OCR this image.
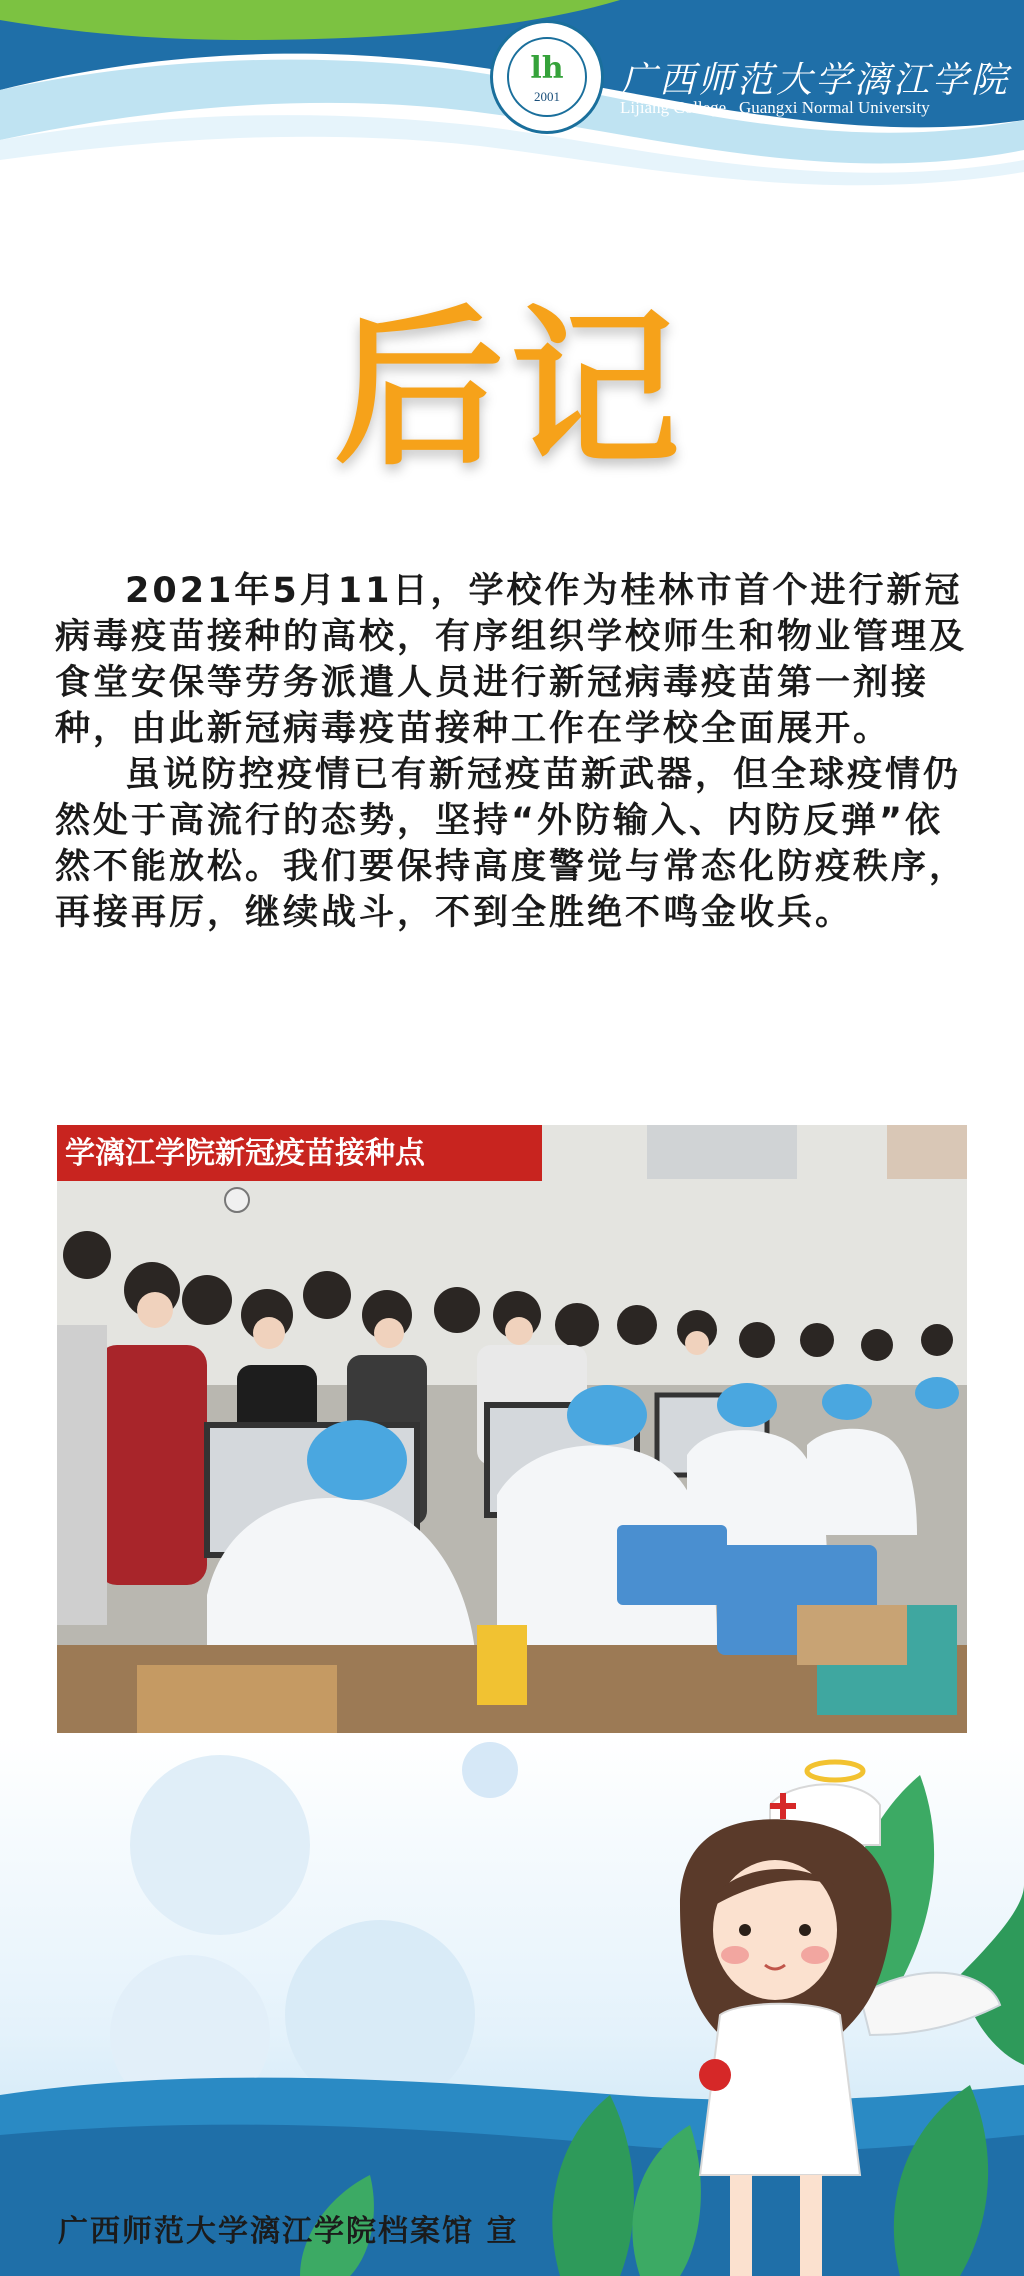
lh
2001	广西师范大学漓江学院
Lijiang College , Guangxi Normal University
后记

2021年5月11日，学校作为桂林市首个进行新冠病毒疫苗接种的高校，有序组织学校师生和物业管理及食堂安保等劳务派遣人员进行新冠病毒疫苗第一剂接种，由此新冠病毒疫苗接种工作在学校全面展开。

虽说防控疫情已有新冠疫苗新武器，但全球疫情仍然处于高流行的态势，坚持“外防输入、内防反弹”依然不能放松。我们要保持高度警觉与常态化防疫秩序，再接再厉，继续战斗，不到全胜绝不鸣金收兵。

学漓江学院新冠疫苗接种点
广西师范大学漓江学院档案馆 宣
